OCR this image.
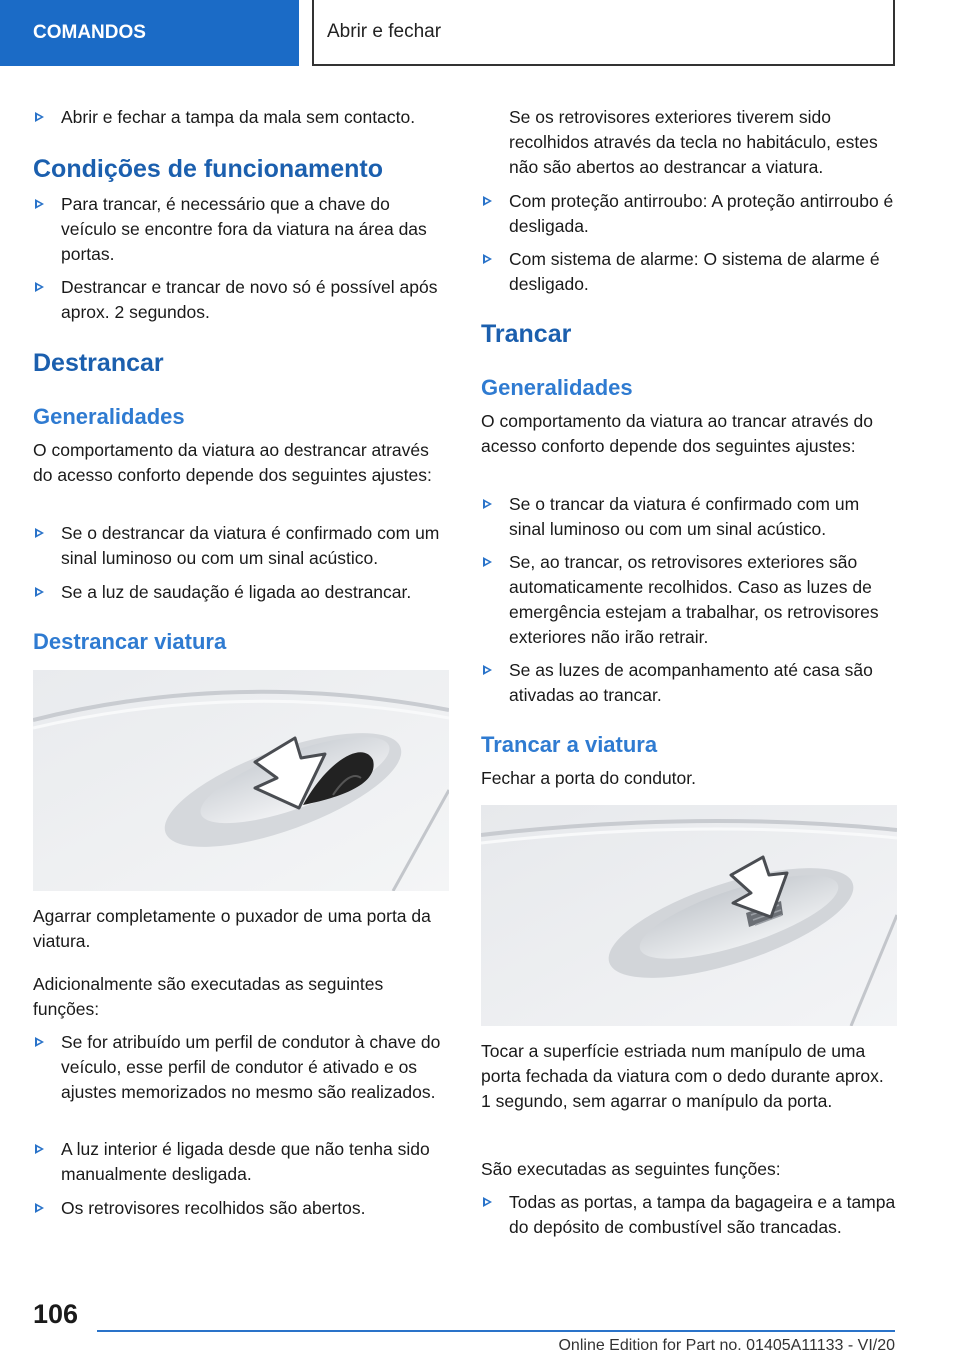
COMANDOS	Abrir e fechar
Abrir e fechar a tampa da mala sem contacto.
Condições de funcionamento
Para trancar, é necessário que a chave do veículo se encontre fora da viatura na área das portas.
Destrancar e trancar de novo só é possível após aprox. 2 segundos.
Destrancar
Generalidades

O comportamento da viatura ao destrancar através do acesso conforto depende dos seguintes ajustes:

Se o destrancar da viatura é confirmado com um sinal luminoso ou com um sinal acústico.
Se a luz de saudação é ligada ao destrancar.
Destrancar viatura

Agarrar completamente o puxador de uma porta da viatura.

Adicionalmente são executadas as seguintes funções:

Se for atribuído um perfil de condutor à chave do veículo, esse perfil de condutor é ativado e os ajustes memorizados no mesmo são realizados.
A luz interior é ligada desde que não tenha sido manualmente desligada.
Os retrovisores recolhidos são abertos.

Se os retrovisores exteriores tiverem sido recolhidos através da tecla no habitáculo, estes não são abertos ao destrancar a viatura.

Com proteção antirroubo: A proteção antirroubo é desligada.
Com sistema de alarme: O sistema de alarme é desligado.
Trancar
Generalidades

O comportamento da viatura ao trancar através do acesso conforto depende dos seguintes ajustes:

Se o trancar da viatura é confirmado com um sinal luminoso ou com um sinal acústico.
Se, ao trancar, os retrovisores exteriores são automaticamente recolhidos. Caso as luzes de emergência estejam a trabalhar, os retrovisores exteriores não irão retrair.
Se as luzes de acompanhamento até casa são ativadas ao trancar.
Trancar a viatura

Fechar a porta do condutor.

Tocar a superfície estriada num manípulo de uma porta fechada da viatura com o dedo durante aprox. 1 segundo, sem agarrar o manípulo da porta.

São executadas as seguintes funções:

Todas as portas, a tampa da bagageira e a tampa do depósito de combustível são trancadas.
106
Online Edition for Part no. 01405A11133 - VI/20
